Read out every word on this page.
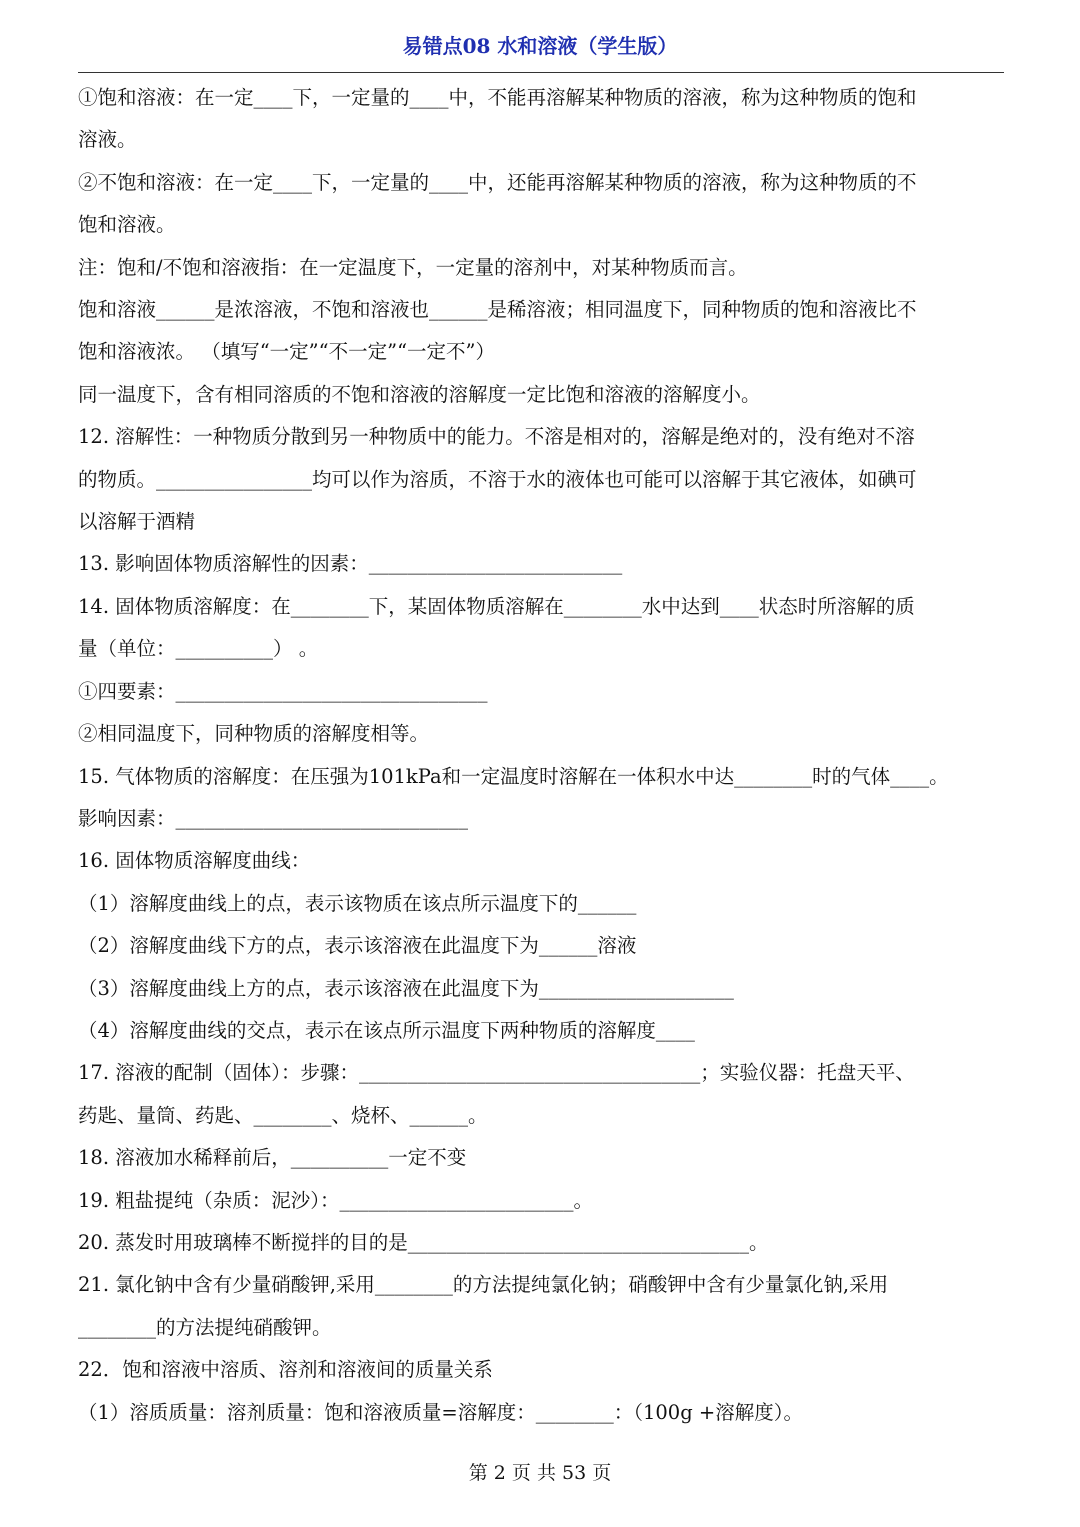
易错点08 水和溶液（学生版）
①饱和溶液：在一定____下，一定量的____中，不能再溶解某种物质的溶液，称为这种物质的饱和
溶液。
②不饱和溶液：在一定____下，一定量的____中，还能再溶解某种物质的溶液，称为这种物质的不
饱和溶液。
注：饱和/不饱和溶液指：在一定温度下，一定量的溶剂中，对某种物质而言。
饱和溶液______是浓溶液，不饱和溶液也______是稀溶液；相同温度下，同种物质的饱和溶液比不
饱和溶液浓。 （填写“一定”“不一定”“一定不”）
同一温度下，含有相同溶质的不饱和溶液的溶解度一定比饱和溶液的溶解度小。
12. 溶解性：一种物质分散到另一种物质中的能力。不溶是相对的，溶解是绝对的，没有绝对不溶
的物质。________________均可以作为溶质，不溶于水的液体也可能可以溶解于其它液体，如碘可
以溶解于酒精
13. 影响固体物质溶解性的因素：__________________________
14. 固体物质溶解度：在________下，某固体物质溶解在________水中达到____状态时所溶解的质
量（单位：__________） 。
①四要素：________________________________
②相同温度下，同种物质的溶解度相等。
15. 气体物质的溶解度：在压强为101kPa和一定温度时溶解在一体积水中达________时的气体____。
影响因素：______________________________
16. 固体物质溶解度曲线：
（1）溶解度曲线上的点，表示该物质在该点所示温度下的______
（2）溶解度曲线下方的点，表示该溶液在此温度下为______溶液
（3）溶解度曲线上方的点，表示该溶液在此温度下为____________________
（4）溶解度曲线的交点，表示在该点所示温度下两种物质的溶解度____
17. 溶液的配制（固体）：步骤：___________________________________；实验仪器：托盘天平、
药匙、量筒、药匙、________、烧杯、______。
18. 溶液加水稀释前后，__________一定不变
19. 粗盐提纯（杂质：泥沙）：________________________。
20. 蒸发时用玻璃棒不断搅拌的目的是___________________________________。
21. 氯化钠中含有少量硝酸钾,采用________的方法提纯氯化钠；硝酸钾中含有少量氯化钠,采用
________的方法提纯硝酸钾。
22．饱和溶液中溶质、溶剂和溶液间的质量关系
（1）溶质质量：溶剂质量：饱和溶液质量=溶解度：________：（100g +溶解度）。
第 2 页 共 53 页
